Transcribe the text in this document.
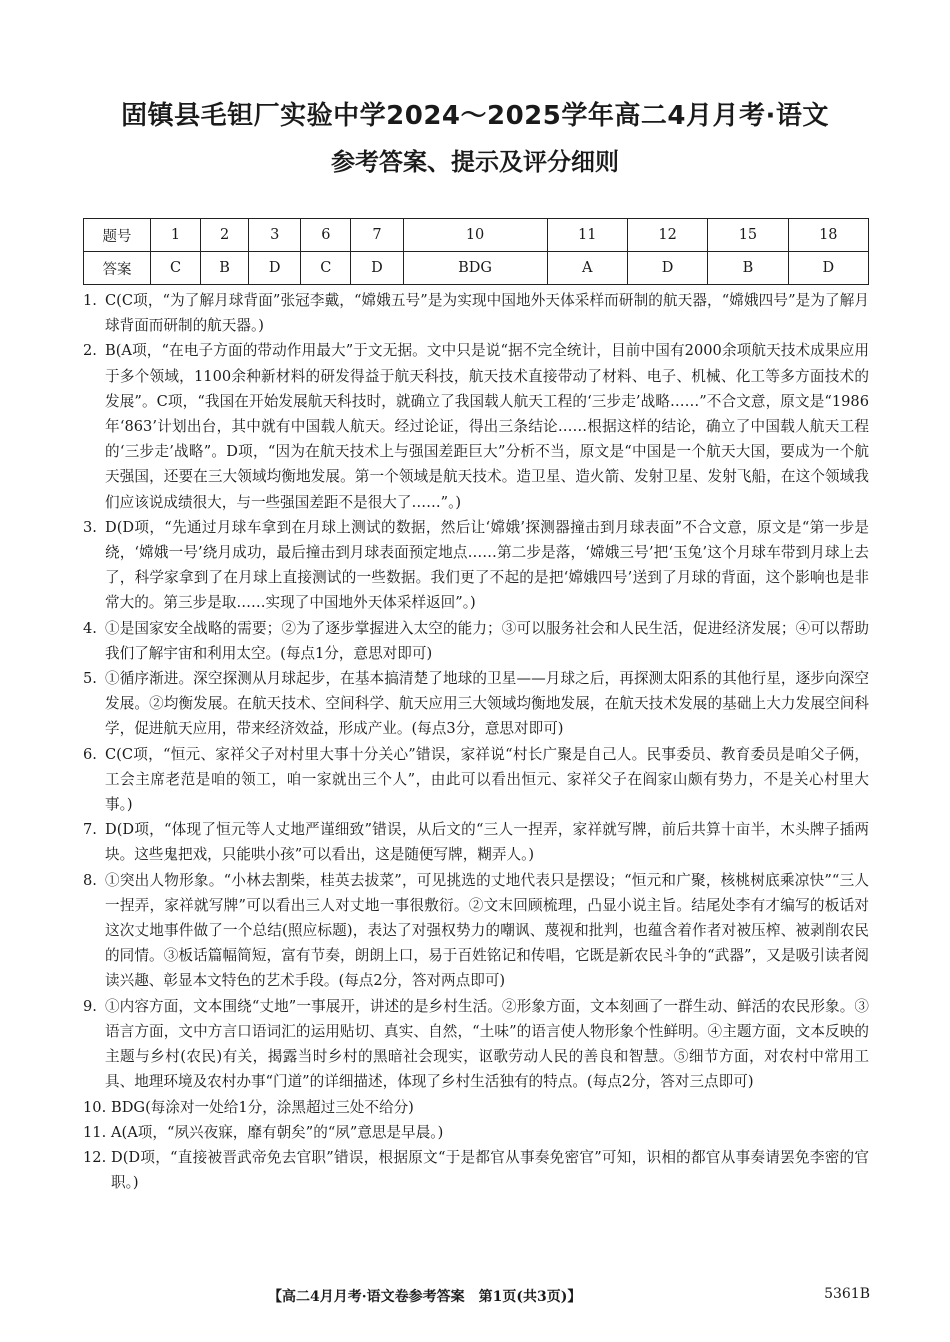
固镇县毛钽厂实验中学2024～2025学年高二4月月考·语文
参考答案、提示及评分细则
题号	1	2	3	6	7	10	11	12	15	18
答案	C	B	D	C	D	BDG	A	D	B	D
1. C(C项，“为了解月球背面”张冠李戴，“嫦娥五号”是为实现中国地外天体采样而研制的航天器，“嫦娥四号”是为了解月球背面而研制的航天器。)
2. B(A项，“在电子方面的带动作用最大”于文无据。文中只是说“据不完全统计，目前中国有2000余项航天技术成果应用于多个领域，1100余种新材料的研发得益于航天科技，航天技术直接带动了材料、电子、机械、化工等多方面技术的发展”。C项，“我国在开始发展航天科技时，就确立了我国载人航天工程的‘三步走’战略……”不合文意，原文是“1986年‘863’计划出台，其中就有中国载人航天。经过论证，得出三条结论……根据这样的结论，确立了中国载人航天工程的‘三步走’战略”。D项，“因为在航天技术上与强国差距巨大”分析不当，原文是“中国是一个航天大国，要成为一个航天强国，还要在三大领域均衡地发展。第一个领域是航天技术。造卫星、造火箭、发射卫星、发射飞船，在这个领域我们应该说成绩很大，与一些强国差距不是很大了……”。)
3. D(D项，“先通过月球车拿到在月球上测试的数据，然后让‘嫦娥’探测器撞击到月球表面”不合文意，原文是“第一步是绕，‘嫦娥一号’绕月成功，最后撞击到月球表面预定地点……第二步是落，‘嫦娥三号’把‘玉兔’这个月球车带到月球上去了，科学家拿到了在月球上直接测试的一些数据。我们更了不起的是把‘嫦娥四号’送到了月球的背面，这个影响也是非常大的。第三步是取……实现了中国地外天体采样返回”。)
4. ①是国家安全战略的需要；②为了逐步掌握进入太空的能力；③可以服务社会和人民生活，促进经济发展；④可以帮助我们了解宇宙和利用太空。(每点1分，意思对即可)
5. ①循序渐进。深空探测从月球起步，在基本搞清楚了地球的卫星——月球之后，再探测太阳系的其他行星，逐步向深空发展。②均衡发展。在航天技术、空间科学、航天应用三大领域均衡地发展，在航天技术发展的基础上大力发展空间科学，促进航天应用，带来经济效益，形成产业。(每点3分，意思对即可)
6. C(C项，“恒元、家祥父子对村里大事十分关心”错误，家祥说“村长广聚是自己人。民事委员、教育委员是咱父子俩，工会主席老范是咱的领工，咱一家就出三个人”，由此可以看出恒元、家祥父子在阎家山颇有势力，不是关心村里大事。)
7. D(D项，“体现了恒元等人丈地严谨细致”错误，从后文的“三人一捏弄，家祥就写牌，前后共算十亩半，木头牌子插两块。这些鬼把戏，只能哄小孩”可以看出，这是随便写牌，糊弄人。)
8. ①突出人物形象。“小林去割柴，桂英去拔菜”，可见挑选的丈地代表只是摆设；“恒元和广聚，核桃树底乘凉快”“三人一捏弄，家祥就写牌”可以看出三人对丈地一事很敷衍。②文末回顾梳理，凸显小说主旨。结尾处李有才编写的板话对这次丈地事件做了一个总结(照应标题)，表达了对强权势力的嘲讽、蔑视和批判，也蕴含着作者对被压榨、被剥削农民的同情。③板话篇幅简短，富有节奏，朗朗上口，易于百姓铭记和传唱，它既是新农民斗争的“武器”，又是吸引读者阅读兴趣、彰显本文特色的艺术手段。(每点2分，答对两点即可)
9. ①内容方面，文本围绕“丈地”一事展开，讲述的是乡村生活。②形象方面，文本刻画了一群生动、鲜活的农民形象。③语言方面，文中方言口语词汇的运用贴切、真实、自然，“土味”的语言使人物形象个性鲜明。④主题方面，文本反映的主题与乡村(农民)有关，揭露当时乡村的黑暗社会现实，讴歌劳动人民的善良和智慧。⑤细节方面，对农村中常用工具、地理环境及农村办事“门道”的详细描述，体现了乡村生活独有的特点。(每点2分，答对三点即可)
10. BDG(每涂对一处给1分，涂黑超过三处不给分)
11. A(A项，“夙兴夜寐，靡有朝矣”的“夙”意思是早晨。)
12. D(D项，“直接被晋武帝免去官职”错误，根据原文“于是都官从事奏免密官”可知，识相的都官从事奏请罢免李密的官职。)
【高二4月月考·语文卷参考答案　第1页(共3页)】	5361B
